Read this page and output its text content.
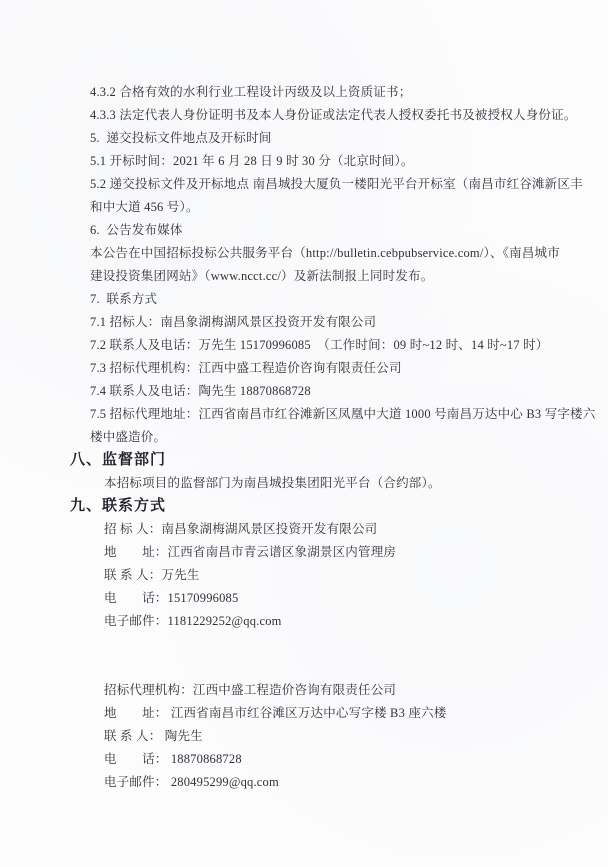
4.3.2 合格有效的水利行业工程设计丙级及以上资质证书；
4.3.3 法定代表人身份证明书及本人身份证或法定代表人授权委托书及被授权人身份证。
5.  递交投标文件地点及开标时间
5.1 开标时间：2021 年 6 月 28 日 9 时 30 分（北京时间）。
5.2 递交投标文件及开标地点 南昌城投大厦负一楼阳光平台开标室（南昌市红谷滩新区丰
和中大道 456 号）。
6.  公告发布媒体
本公告在中国招标投标公共服务平台（http://bulletin.cebpubservice.com/）、《南昌城市
建设投资集团网站》（www.ncct.cc/）及新法制报上同时发布。
7.  联系方式
7.1 招标人：南昌象湖梅湖风景区投资开发有限公司
7.2 联系人及电话：万先生 15170996085　（工作时间：09 时~12 时、14 时~17 时）
7.3 招标代理机构：江西中盛工程造价咨询有限责任公司
7.4 联系人及电话：陶先生 18870868728
7.5 招标代理地址：江西省南昌市红谷滩新区凤凰中大道 1000 号南昌万达中心 B3 写字楼六
楼中盛造价。
八、监督部门
本招标项目的监督部门为南昌城投集团阳光平台（合约部）。
九、联系方式
招 标 人：南昌象湖梅湖风景区投资开发有限公司
地　　址：江西省南昌市青云谱区象湖景区内管理房
联 系 人：万先生
电　　话：15170996085
电子邮件：1181229252@qq.com
招标代理机构：江西中盛工程造价咨询有限责任公司
地　　址： 江西省南昌市红谷滩区万达中心写字楼 B3 座六楼
联 系 人： 陶先生
电　　话： 18870868728
电子邮件： 280495299@qq.com
